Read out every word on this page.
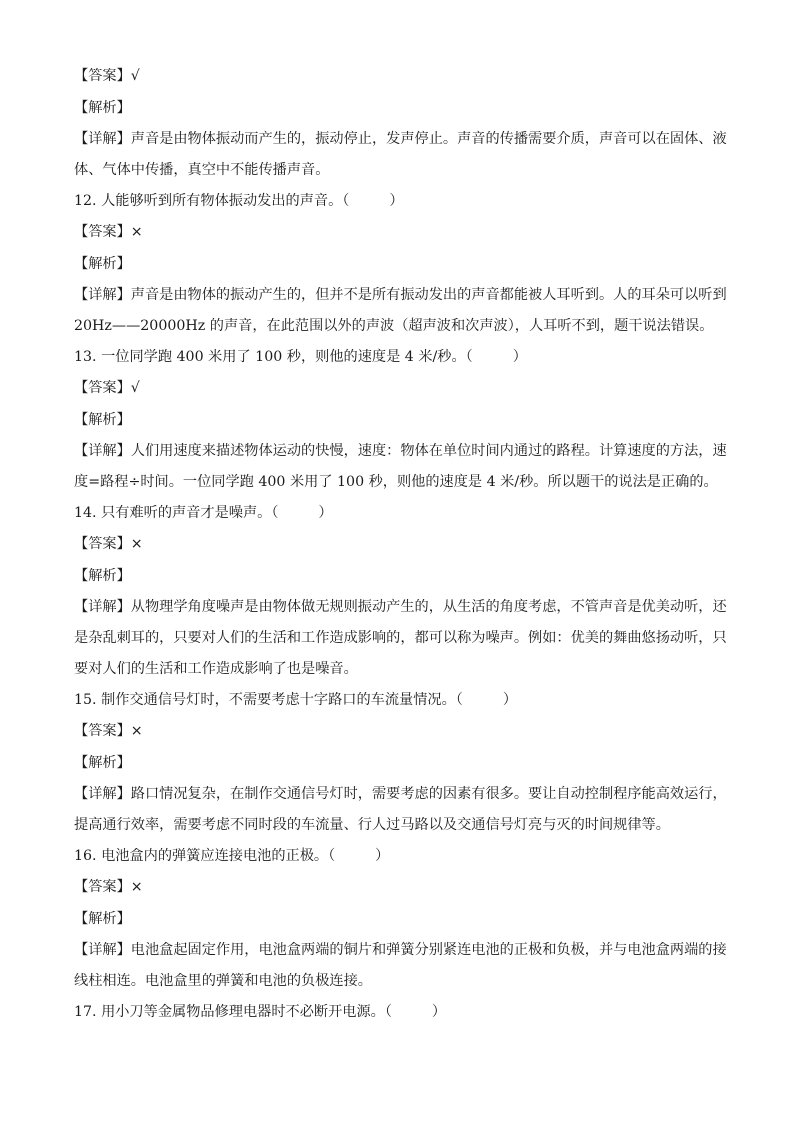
【答案】√
【解析】
【详解】声音是由物体振动而产生的，振动停止，发声停止。声音的传播需要介质，声音可以在固体、液
体、气体中传播，真空中不能传播声音。
12. 人能够听到所有物体振动发出的声音。（	）
【答案】×
【解析】
【详解】声音是由物体的振动产生的，但并不是所有振动发出的声音都能被人耳听到。人的耳朵可以听到
20Hz——20000Hz 的声音，在此范围以外的声波（超声波和次声波），人耳听不到，题干说法错误。
13. 一位同学跑 400 米用了 100 秒，则他的速度是 4 米/秒。（	）
【答案】√
【解析】
【详解】人们用速度来描述物体运动的快慢，速度：物体在单位时间内通过的路程。计算速度的方法，速
度=路程÷时间。一位同学跑 400 米用了 100 秒，则他的速度是 4 米/秒。所以题干的说法是正确的。
14. 只有难听的声音才是噪声。（	）
【答案】×
【解析】
【详解】从物理学角度噪声是由物体做无规则振动产生的，从生活的角度考虑，不管声音是优美动听，还
是杂乱刺耳的，只要对人们的生活和工作造成影响的，都可以称为噪声。例如：优美的舞曲悠扬动听，只
要对人们的生活和工作造成影响了也是噪音。
15. 制作交通信号灯时，不需要考虑十字路口的车流量情况。（	）
【答案】×
【解析】
【详解】路口情况复杂，在制作交通信号灯时，需要考虑的因素有很多。要让自动控制程序能高效运行，
提高通行效率，需要考虑不同时段的车流量、行人过马路以及交通信号灯亮与灭的时间规律等。
16. 电池盒内的弹簧应连接电池的正极。（	）
【答案】×
【解析】
【详解】电池盒起固定作用，电池盒两端的铜片和弹簧分别紧连电池的正极和负极，并与电池盒两端的接
线柱相连。电池盒里的弹簧和电池的负极连接。
17. 用小刀等金属物品修理电器时不必断开电源。（	）
